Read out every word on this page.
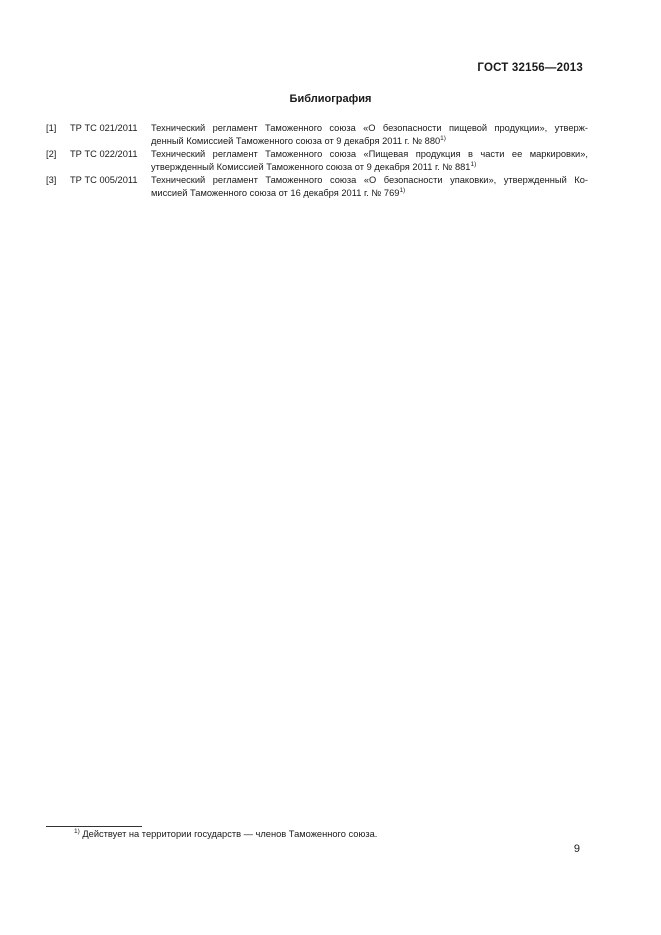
ГОСТ 32156—2013
Библиография
[1]	ТР ТС 021/2011	Технический регламент Таможенного союза «О безопасности пищевой продукции», утверж-
денный Комиссией Таможенного союза от 9 декабря 2011 г. № 880$^{1)}$
[2]	ТР ТС 022/2011	Технический регламент Таможенного союза «Пищевая продукция в части ее маркировки»,
утвержденный Комиссией Таможенного союза от 9 декабря 2011 г. № 881$^{1)}$
[3]	ТР ТС 005/2011	Технический регламент Таможенного союза «О безопасности упаковки», утвержденный Ко-
миссией Таможенного союза от 16 декабря 2011 г. № 769$^{1)}$
$^{1)}$ Действует на территории государств — членов Таможенного союза.
9
